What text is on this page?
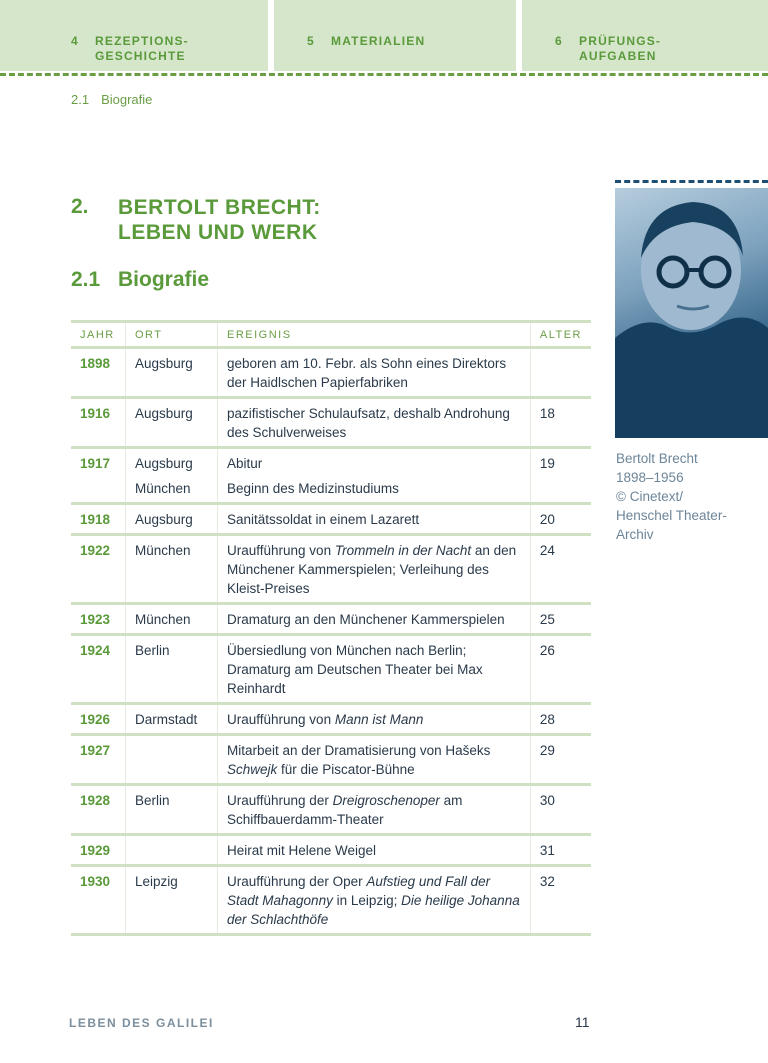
4 REZEPTIONS-
GESCHICHTE
5 MATERIALIEN	6 PRÜFUNGS-
AUFGABEN
2.1 Biografie
2. BERTOLT BRECHT:
LEBEN UND WERK
2.1 Biografie
JAHR	ORT	EREIGNIS	ALTER
1898	Augsburg	geboren am 10. Febr. als Sohn eines Direktors der Haidlschen Papierfabriken	
1916	Augsburg	pazifistischer Schulaufsatz, deshalb Androhung des Schulverweises	18
1917	Augsburg	Abitur	19
	München	Beginn des Medizinstudiums	
1918	Augsburg	Sanitätssoldat in einem Lazarett	20
1922	München	Uraufführung von Trommeln in der Nacht an den Münchener Kammerspielen; Verleihung des Kleist-Preises	24
1923	München	Dramaturg an den Münchener Kammerspielen	25
1924	Berlin	Übersiedlung von München nach Berlin; Dramaturg am Deutschen Theater bei Max Reinhardt	26
1926	Darmstadt	Uraufführung von Mann ist Mann	28
1927		Mitarbeit an der Dramatisierung von Hašeks Schwejk für die Piscator-Bühne	29
1928	Berlin	Uraufführung der Dreigroschenoper am Schiffbauerdamm-Theater	30
1929		Heirat mit Helene Weigel	31
1930	Leipzig	Uraufführung der Oper Aufstieg und Fall der Stadt Mahagonny in Leipzig; Die heilige Johanna der Schlachthöfe	32
Bertolt Brecht
1898–1956
© Cinetext/
Henschel Theater-
Archiv
LEBEN DES GALILEI	11
